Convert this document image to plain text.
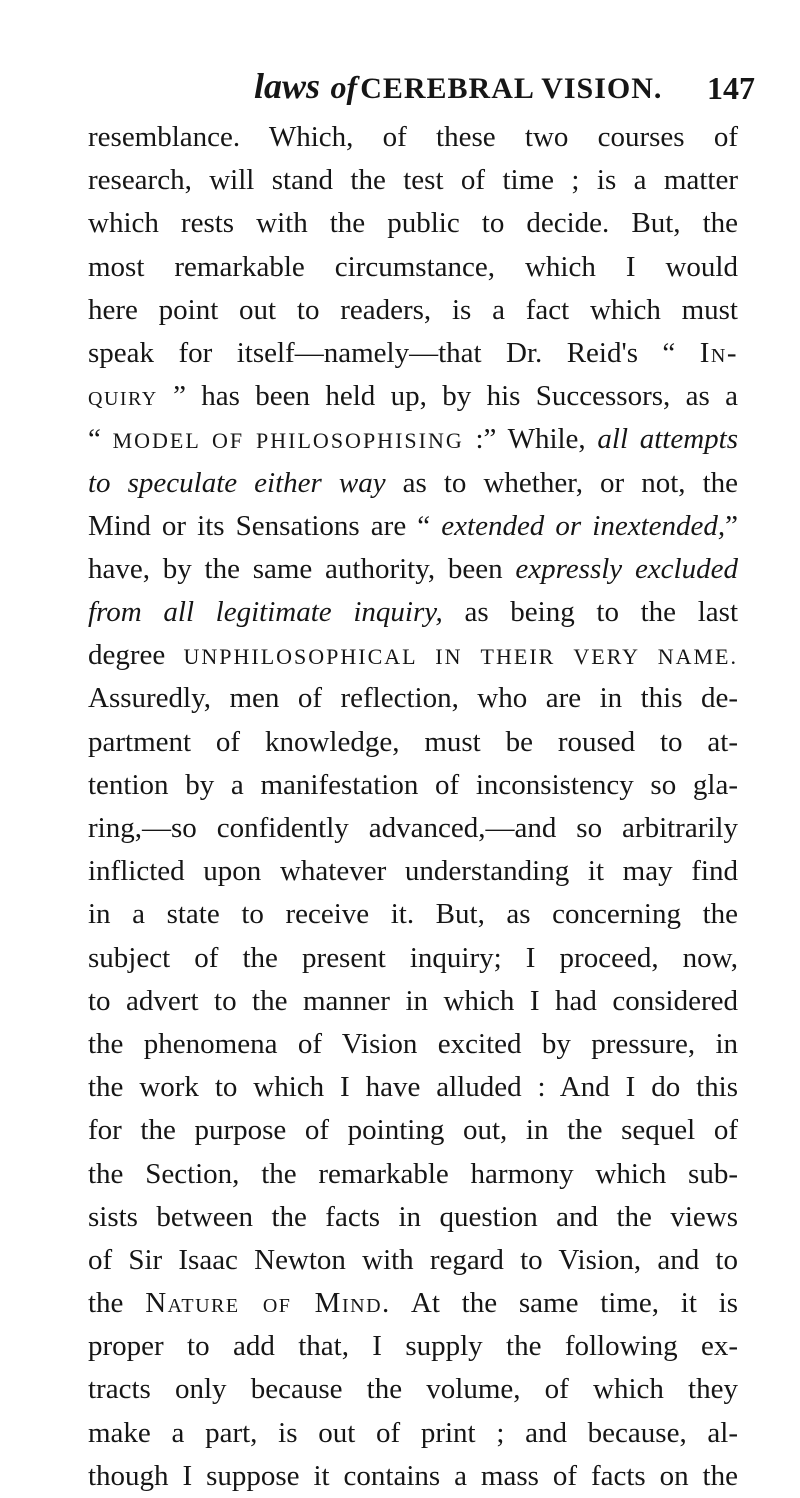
laws of CEREBRAL VISION. 147
resemblance. Which, of these two courses of
research, will stand the test of time ; is a matter
which rests with the public to decide. But, the
most remarkable circumstance, which I would
here point out to readers, is a fact which must
speak for itself—namely—that Dr. Reid's “ In-
quiry ” has been held up, by his Successors, as a
“ MODEL OF PHILOSOPHISING :” While, all attempts
to speculate either way as to whether, or not, the
Mind or its Sensations are “ extended or inextended,”
have, by the same authority, been expressly excluded
from all legitimate inquiry, as being to the last
degree UNPHILOSOPHICAL IN THEIR VERY NAME.
Assuredly, men of reflection, who are in this de-
partment of knowledge, must be roused to at-
tention by a manifestation of inconsistency so gla-
ring,—so confidently advanced,—and so arbitrarily
inflicted upon whatever understanding it may find
in a state to receive it. But, as concerning the
subject of the present inquiry; I proceed, now,
to advert to the manner in which I had considered
the phenomena of Vision excited by pressure, in
the work to which I have alluded : And I do this
for the purpose of pointing out, in the sequel of
the Section, the remarkable harmony which sub-
sists between the facts in question and the views
of Sir Isaac Newton with regard to Vision, and to
the Nature of Mind. At the same time, it is
proper to add that, I supply the following ex-
tracts only because the volume, of which they
make a part, is out of print ; and because, al-
though I suppose it contains a mass of facts on the
